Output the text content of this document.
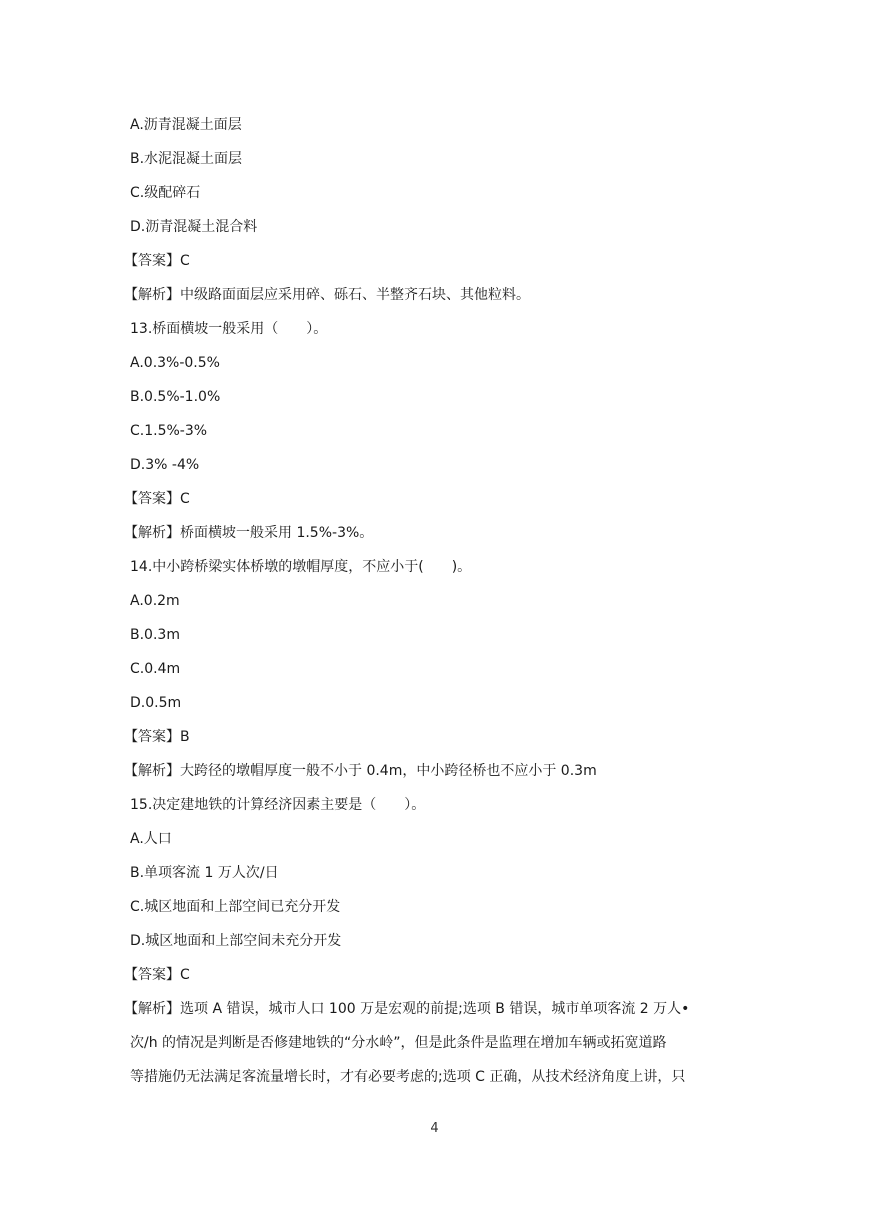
A.沥青混凝土面层
B.水泥混凝土面层
C.级配碎石
D.沥青混凝土混合料
【答案】C
【解析】中级路面面层应采用碎、砾石、半整齐石块、其他粒料。
13.桥面横坡一般采用（　　）。
A.0.3%-0.5%
B.0.5%-1.0%
C.1.5%-3%
D.3% -4%
【答案】C
【解析】桥面横坡一般采用 1.5%-3%。
14.中小跨桥梁实体桥墩的墩帽厚度，不应小于(　　)。
A.0.2m
B.0.3m
C.0.4m
D.0.5m
【答案】B
【解析】大跨径的墩帽厚度一般不小于 0.4m，中小跨径桥也不应小于 0.3m
15.决定建地铁的计算经济因素主要是（　　）。
A.人口
B.单项客流 1 万人次/日
C.城区地面和上部空间已充分开发
D.城区地面和上部空间未充分开发
【答案】C
【解析】选项 A 错误，城市人口 100 万是宏观的前提;选项 B 错误，城市单项客流 2 万人•
次/h 的情况是判断是否修建地铁的“分水岭”，但是此条件是监理在增加车辆或拓宽道路
等措施仍无法满足客流量增长时，才有必要考虑的;选项 C 正确，从技术经济角度上讲，只
4
